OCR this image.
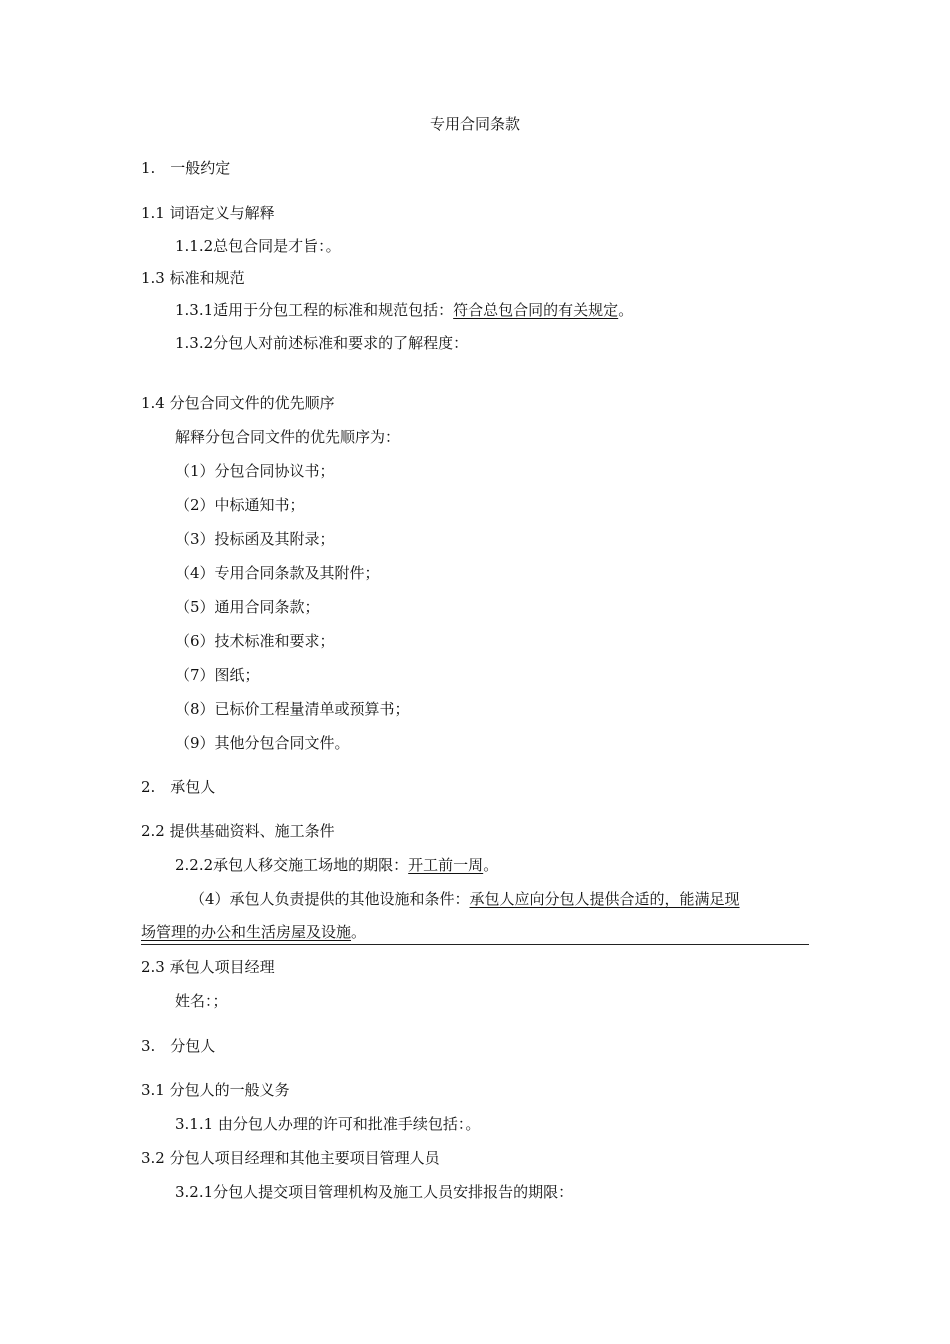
专用合同条款
1.　一般约定
1.1 词语定义与解释
1.1.2总包合同是才旨：。
1.3 标准和规范
1.3.1适用于分包工程的标准和规范包括：符合总包合同的有关规定。
1.3.2分包人对前述标准和要求的了解程度：
1.4 分包合同文件的优先顺序
解释分包合同文件的优先顺序为：
（1）分包合同协议书；
（2）中标通知书；
（3）投标函及其附录；
（4）专用合同条款及其附件；
（5）通用合同条款；
（6）技术标准和要求；
（7）图纸；
（8）已标价工程量清单或预算书；
（9）其他分包合同文件。
2.　承包人
2.2 提供基础资料、施工条件
2.2.2承包人移交施工场地的期限：开工前一周。
（4）承包人负责提供的其他设施和条件：承包人应向分包人提供合适的，能满足现
场管理的办公和生活房屋及设施。
2.3 承包人项目经理
姓名：；
3.　分包人
3.1 分包人的一般义务
3.1.1 由分包人办理的许可和批准手续包括：。
3.2 分包人项目经理和其他主要项目管理人员
3.2.1分包人提交项目管理机构及施工人员安排报告的期限：
